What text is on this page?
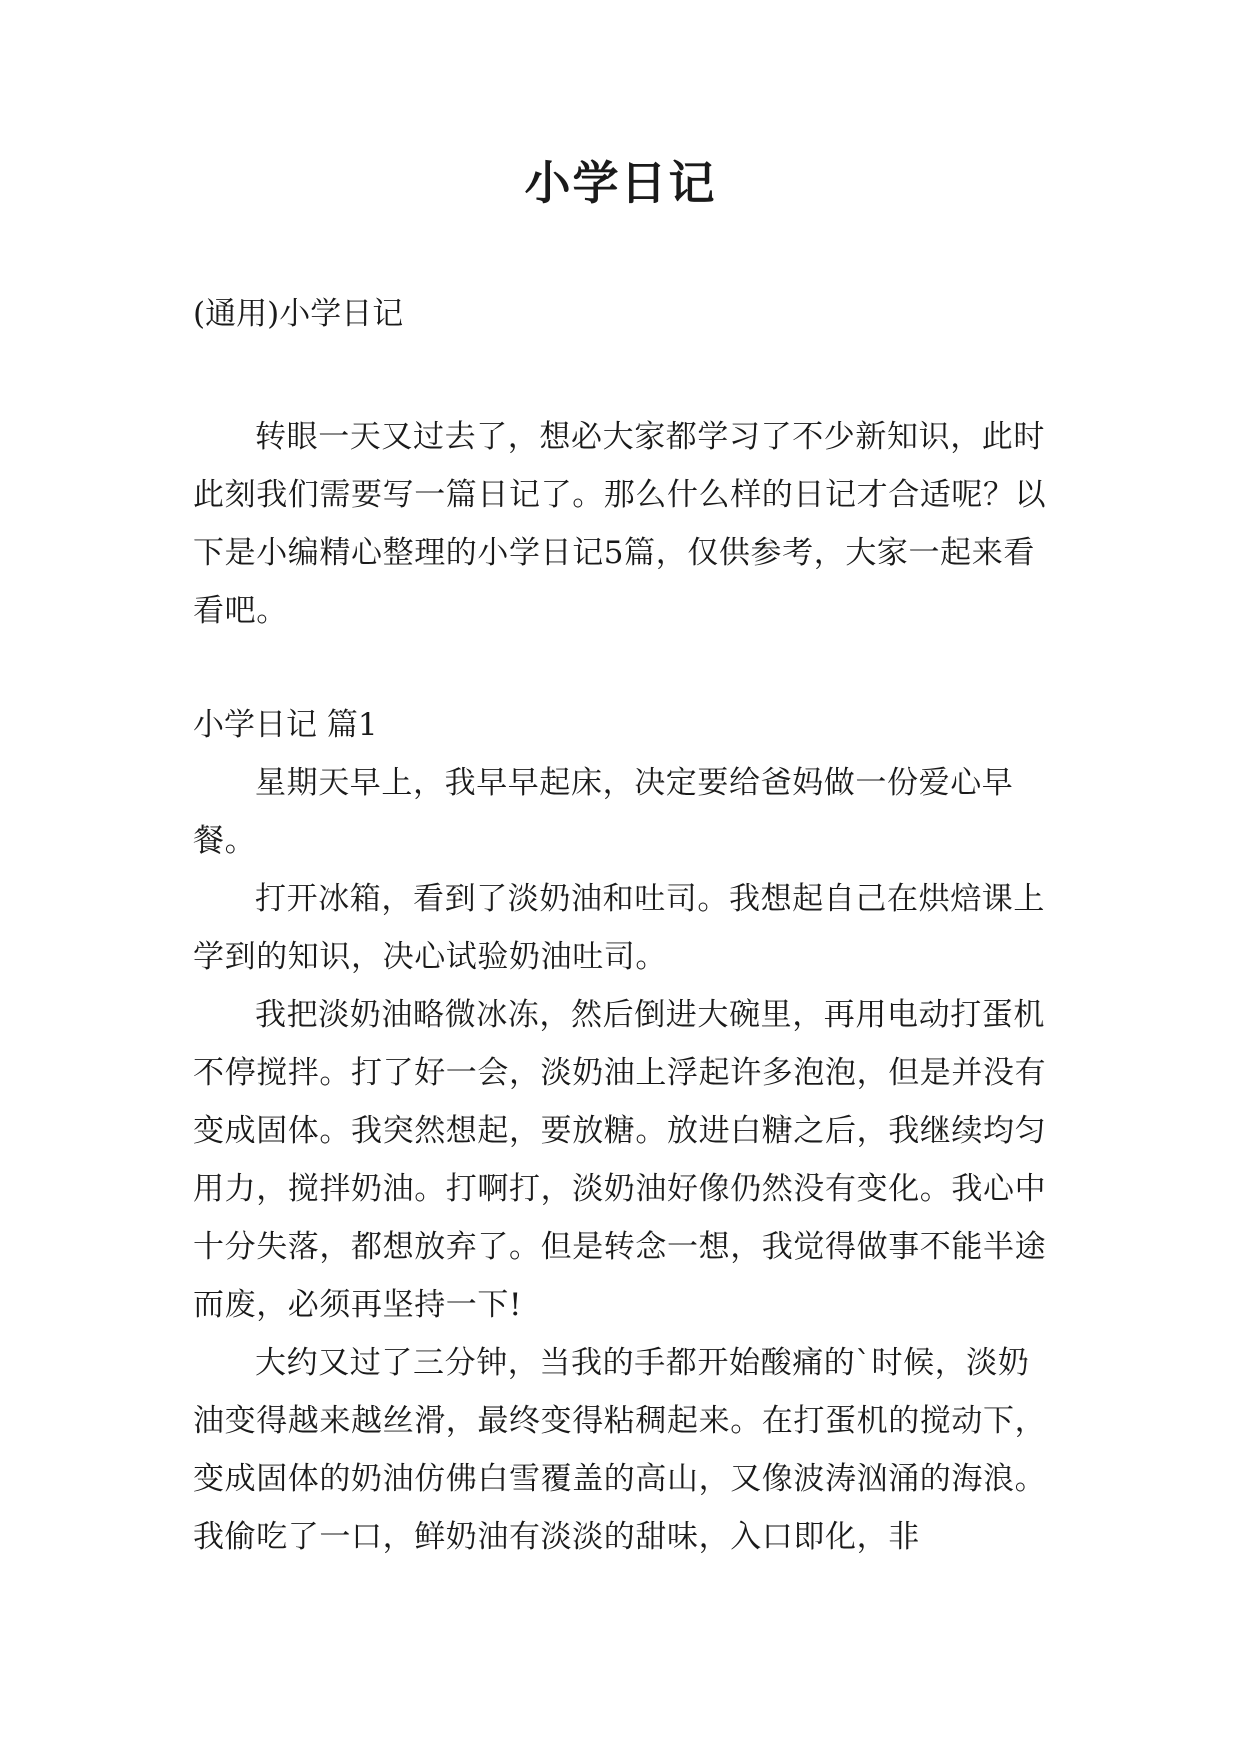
小学日记

(通用)小学日记

转眼一天又过去了，想必大家都学习了不少新知识，此时此刻我们需要写一篇日记了。那么什么样的日记才合适呢？以下是小编精心整理的小学日记5篇，仅供参考，大家一起来看看吧。

小学日记 篇1

星期天早上，我早早起床，决定要给爸妈做一份爱心早餐。

打开冰箱，看到了淡奶油和吐司。我想起自己在烘焙课上学到的知识，决心试验奶油吐司。

我把淡奶油略微冰冻，然后倒进大碗里，再用电动打蛋机不停搅拌。打了好一会，淡奶油上浮起许多泡泡，但是并没有变成固体。我突然想起，要放糖。放进白糖之后，我继续均匀用力，搅拌奶油。打啊打，淡奶油好像仍然没有变化。我心中十分失落，都想放弃了。但是转念一想，我觉得做事不能半途而废，必须再坚持一下!

大约又过了三分钟，当我的手都开始酸痛的`时候，淡奶油变得越来越丝滑，最终变得粘稠起来。在打蛋机的搅动下，变成固体的奶油仿佛白雪覆盖的高山，又像波涛汹涌的海浪。我偷吃了一口，鲜奶油有淡淡的甜味，入口即化，非
